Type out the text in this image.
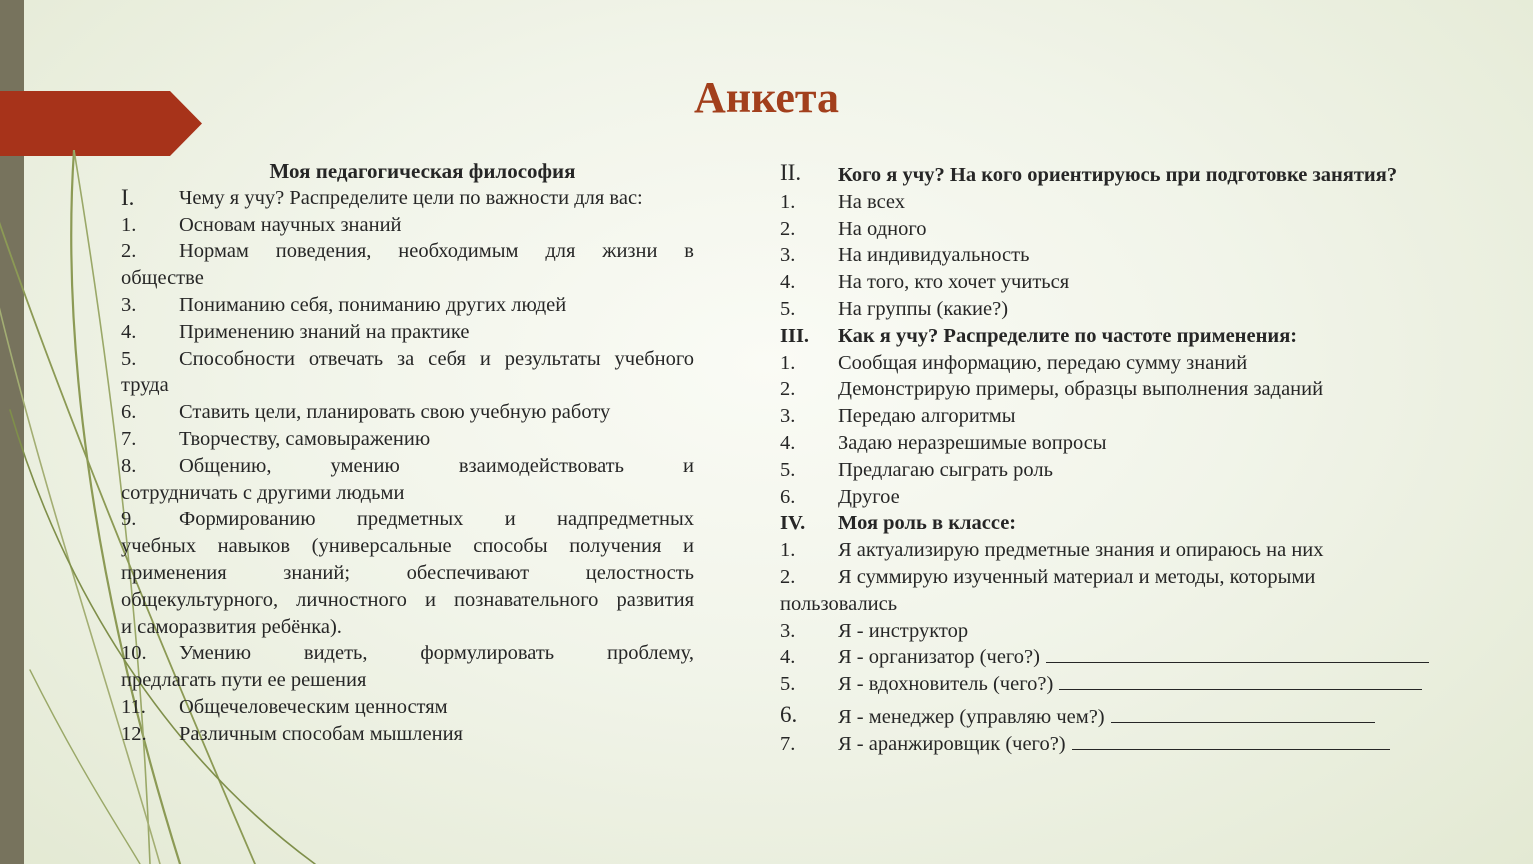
Анкета
Моя педагогическая философия
I.	Чему я учу? Распределите цели по важности для вас:
1.	Основам научных знаний
2.	Нормам поведения, необходимым для жизни в
обществе
3.	Пониманию себя, пониманию других людей
4.	Применению знаний на практике
5.	Способности отвечать за себя и результаты учебного
труда
6.	Ставить цели, планировать свою учебную работу
7.	Творчеству, самовыражению
8.	Общению, умению взаимодействовать и
сотрудничать с другими людьми
9.	Формированию предметных и надпредметных
учебных навыков (универсальные способы получения и
применения знаний; обеспечивают целостность
общекультурного, личностного и познавательного развития
и саморазвития ребёнка).
10.	Умению видеть, формулировать проблему,
предлагать пути ее решения
11.	Общечеловеческим ценностям
12.	Различным способам мышления
II.	Кого я учу? На кого ориентируюсь при подготовке занятия?
1.	На всех
2.	На одного
3.	На индивидуальность
4.	На того, кто хочет учиться
5.	На группы (какие?)
III.	Как я учу? Распределите по частоте применения:
1.	Сообщая информацию, передаю сумму знаний
2.	Демонстрирую примеры, образцы выполнения заданий
3.	Передаю алгоритмы
4.	Задаю неразрешимые вопросы
5.	Предлагаю сыграть роль
6.	Другое
IV.	Моя роль в классе:
1.	Я актуализирую предметные знания и опираюсь на них
2.	Я суммирую изученный материал и методы, которыми
пользовались
3.	Я - инструктор
4.	Я - организатор (чего?)
5.	Я - вдохновитель (чего?)
6.	Я - менеджер (управляю чем?)
7.	Я - аранжировщик (чего?)
